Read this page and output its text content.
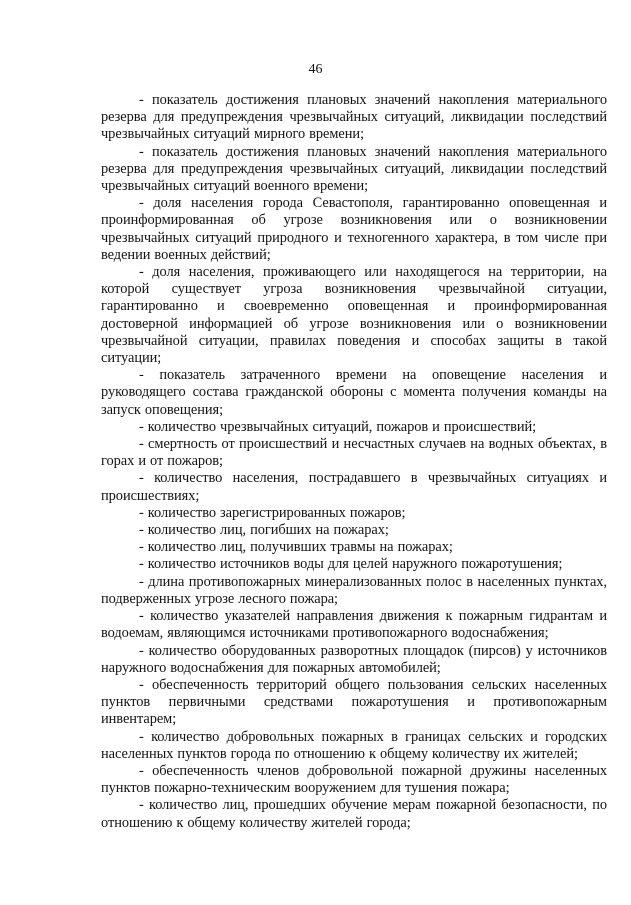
46

- показатель достижения плановых значений накопления материального резерва для предупреждения чрезвычайных ситуаций, ликвидации последствий чрезвычайных ситуаций мирного времени;

- показатель достижения плановых значений накопления материального резерва для предупреждения чрезвычайных ситуаций, ликвидации последствий чрезвычайных ситуаций военного времени;

- доля населения города Севастополя, гарантированно оповещенная и проинформированная об угрозе возникновения или о возникновении чрезвычайных ситуаций природного и техногенного характера, в том числе при ведении военных действий;

- доля населения, проживающего или находящегося на территории, на которой существует угроза возникновения чрезвычайной ситуации, гарантированно и своевременно оповещенная и проинформированная достоверной информацией об угрозе возникновения или о возникновении чрезвычайной ситуации, правилах поведения и способах защиты в такой ситуации;

- показатель затраченного времени на оповещение населения и руководящего состава гражданской обороны с момента получения команды на запуск оповещения;

- количество чрезвычайных ситуаций, пожаров и происшествий;

- смертность от происшествий и несчастных случаев на водных объектах, в горах и от пожаров;

- количество населения, пострадавшего в чрезвычайных ситуациях и происшествиях;

- количество зарегистрированных пожаров;

- количество лиц, погибших на пожарах;

- количество лиц, получивших травмы на пожарах;

- количество источников воды для целей наружного пожаротушения;

- длина противопожарных минерализованных полос в населенных пунктах, подверженных угрозе лесного пожара;

- количество указателей направления движения к пожарным гидрантам и водоемам, являющимся источниками противопожарного водоснабжения;

- количество оборудованных разворотных площадок (пирсов) у источников наружного водоснабжения для пожарных автомобилей;

- обеспеченность территорий общего пользования сельских населенных пунктов первичными средствами пожаротушения и противопожарным инвентарем;

- количество добровольных пожарных в границах сельских и городских населенных пунктов города по отношению к общему количеству их жителей;

- обеспеченность членов добровольной пожарной дружины населенных пунктов пожарно-техническим вооружением для тушения пожара;

- количество лиц, прошедших обучение мерам пожарной безопасности, по отношению к общему количеству жителей города;
